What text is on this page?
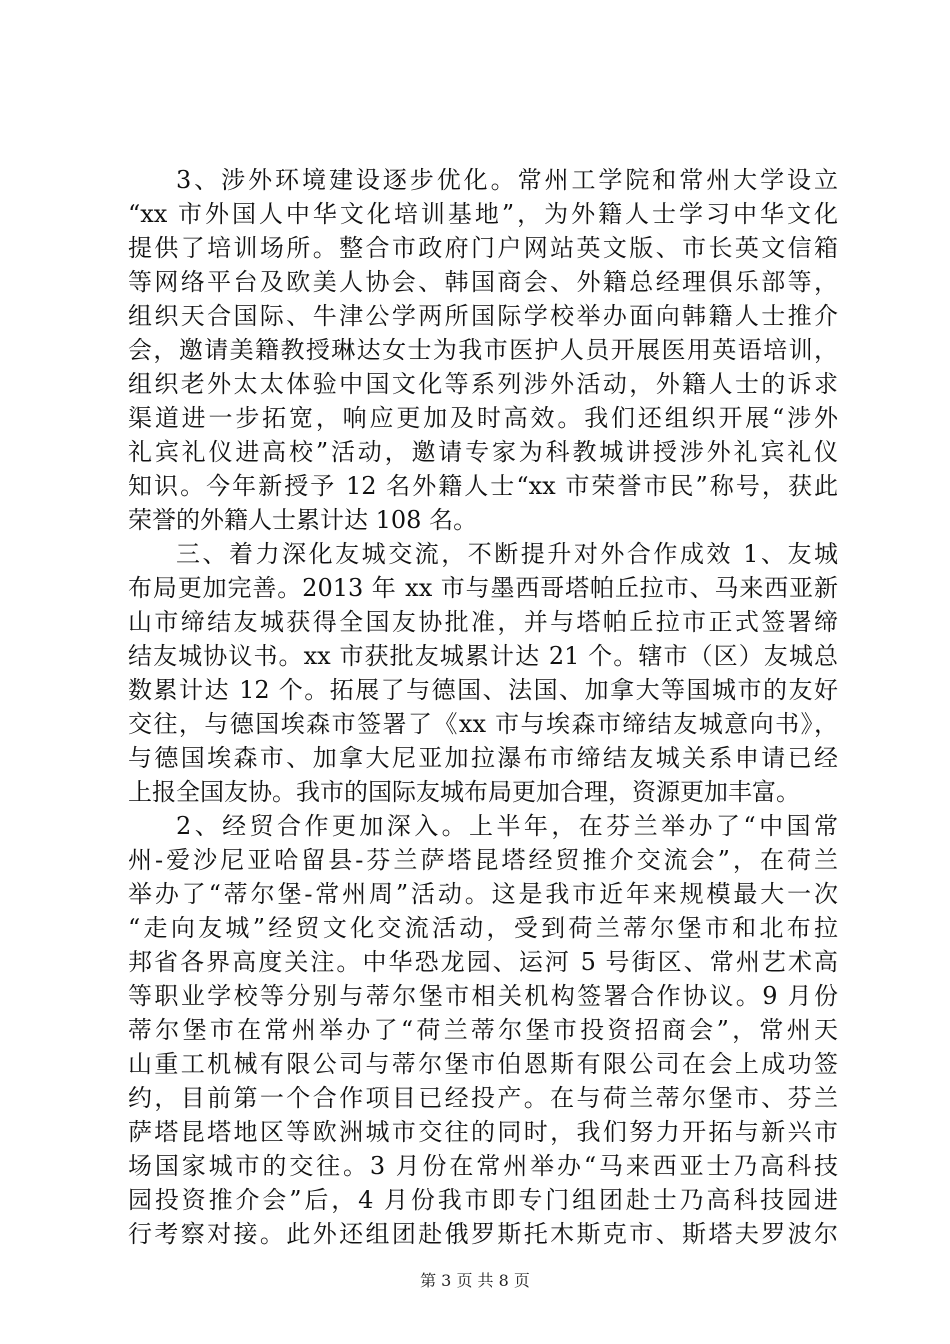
3、涉外环境建设逐步优化。常州工学院和常州大学设立
“xx 市外国人中华文化培训基地”，为外籍人士学习中华文化
提供了培训场所。整合市政府门户网站英文版、市长英文信箱
等网络平台及欧美人协会、韩国商会、外籍总经理俱乐部等，
组织天合国际、牛津公学两所国际学校举办面向韩籍人士推介
会，邀请美籍教授琳达女士为我市医护人员开展医用英语培训，
组织老外太太体验中国文化等系列涉外活动，外籍人士的诉求
渠道进一步拓宽，响应更加及时高效。我们还组织开展“涉外
礼宾礼仪进高校”活动，邀请专家为科教城讲授涉外礼宾礼仪
知识。今年新授予 12 名外籍人士“xx 市荣誉市民”称号，获此
荣誉的外籍人士累计达 108 名。
三、着力深化友城交流，不断提升对外合作成效 1、友城
布局更加完善。2013 年 xx 市与墨西哥塔帕丘拉市、马来西亚新
山市缔结友城获得全国友协批准，并与塔帕丘拉市正式签署缔
结友城协议书。xx 市获批友城累计达 21 个。辖市（区）友城总
数累计达 12 个。拓展了与德国、法国、加拿大等国城市的友好
交往，与德国埃森市签署了《xx 市与埃森市缔结友城意向书》，
与德国埃森市、加拿大尼亚加拉瀑布市缔结友城关系申请已经
上报全国友协。我市的国际友城布局更加合理，资源更加丰富。
2、经贸合作更加深入。上半年，在芬兰举办了“中国常
州-爱沙尼亚哈留县-芬兰萨塔昆塔经贸推介交流会”，在荷兰
举办了“蒂尔堡-常州周”活动。这是我市近年来规模最大一次
“走向友城”经贸文化交流活动，受到荷兰蒂尔堡市和北布拉
邦省各界高度关注。中华恐龙园、运河 5 号街区、常州艺术高
等职业学校等分别与蒂尔堡市相关机构签署合作协议。9 月份
蒂尔堡市在常州举办了“荷兰蒂尔堡市投资招商会”，常州天
山重工机械有限公司与蒂尔堡市伯恩斯有限公司在会上成功签
约，目前第一个合作项目已经投产。在与荷兰蒂尔堡市、芬兰
萨塔昆塔地区等欧洲城市交往的同时，我们努力开拓与新兴市
场国家城市的交往。3 月份在常州举办“马来西亚士乃高科技
园投资推介会”后，4 月份我市即专门组团赴士乃高科技园进
行考察对接。此外还组团赴俄罗斯托木斯克市、斯塔夫罗波尔
第 3 页 共 8 页
